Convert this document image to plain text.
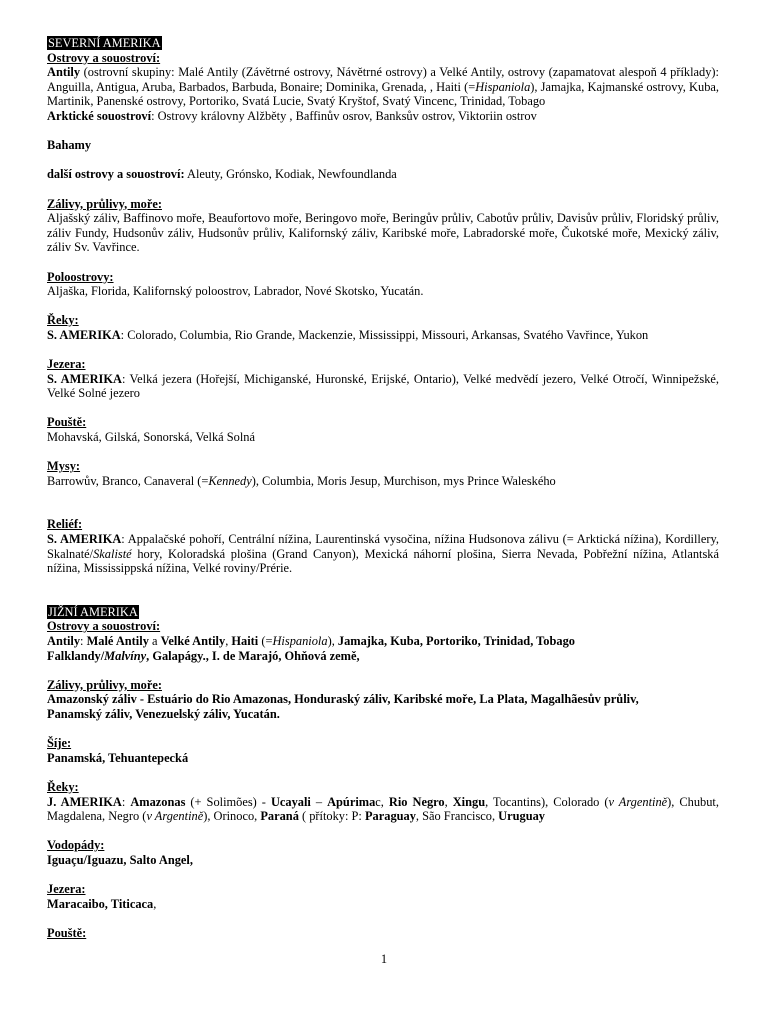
SEVERNÍ AMERIKA
Ostrovy a souostroví:
Antily (ostrovní skupiny: Malé Antily (Závětrné ostrovy, Návětrné ostrovy) a Velké Antily, ostrovy (zapamatovat alespoň 4 příklady): Anguilla, Antigua, Aruba, Barbados, Barbuda, Bonaire; Dominika, Grenada, , Haiti (=Hispaniola), Jamajka, Kajmanské ostrovy, Kuba, Martinik, Panenské ostrovy, Portoriko, Svatá Lucie, Svatý Kryštof, Svatý Vincenc, Trinidad, Tobago
Arktické souostroví: Ostrovy královny Alžběty , Baffinův osrov, Banksův ostrov, Viktoriin ostrov
Bahamy
další ostrovy a souostroví: Aleuty, Grónsko, Kodiak, Newfoundlanda
Zálivy, průlivy, moře:
Aljašský záliv, Baffinovo moře, Beaufortovo moře, Beringovo moře, Beringův průliv, Cabotův průliv, Davisův průliv, Floridský průliv, záliv Fundy, Hudsonův záliv, Hudsonův průliv, Kalifornský záliv, Karibské moře, Labradorské moře, Čukotské moře, Mexický záliv, záliv Sv. Vavřince.
Poloostrovy:
Aljaška, Florida, Kalifornský poloostrov, Labrador, Nové Skotsko, Yucatán.
Řeky:
S. AMERIKA: Colorado, Columbia, Rio Grande, Mackenzie, Mississippi, Missouri, Arkansas, Svatého Vavřince, Yukon
Jezera:
S. AMERIKA: Velká jezera (Hořejší, Michiganské, Huronské, Erijské, Ontario), Velké medvědí jezero, Velké Otročí, Winnipežské, Velké Solné jezero
Pouště:
Mohavská, Gilská, Sonorská, Velká Solná
Mysy:
Barrowův, Branco, Canaveral (=Kennedy), Columbia, Moris Jesup, Murchison, mys Prince Waleského
Reliéf:
S. AMERIKA: Appalačské pohoří, Centrální nížina, Laurentinská vysočina, nížina Hudsonova zálivu (= Arktická nížina), Kordillery, Skalnaté/Skalisté hory, Koloradská plošina (Grand Canyon), Mexická náhorní plošina, Sierra Nevada, Pobřežní nížina, Atlantská nížina, Mississippská nížina, Velké roviny/Prérie.
JIŽNÍ AMERIKA
Ostrovy a souostroví:
Antily: Malé Antily a Velké Antily, Haiti (=Hispaniola), Jamajka, Kuba, Portoriko, Trinidad, Tobago
Falklandy/Malvíny, Galapágy., I. de Marajó, Ohňová země,
Zálivy, průlivy, moře:
Amazonský záliv - Estuário do Rio Amazonas, Honduraský záliv, Karibské moře, La Plata, Magalhãesův průliv,
Panamský záliv, Venezuelský záliv, Yucatán.
Šíje:
Panamská, Tehuantepecká
Řeky:
J. AMERIKA: Amazonas (+ Solimões) - Ucayali – Apúrimac, Rio Negro, Xingu, Tocantins), Colorado (v Argentině), Chubut, Magdalena, Negro (v Argentině), Orinoco, Paraná ( přítoky: P: Paraguay, São Francisco, Uruguay
Vodopády:
Iguaçu/Iguazu, Salto Angel,
Jezera:
Maracaibo, Titicaca,
Pouště:
1
